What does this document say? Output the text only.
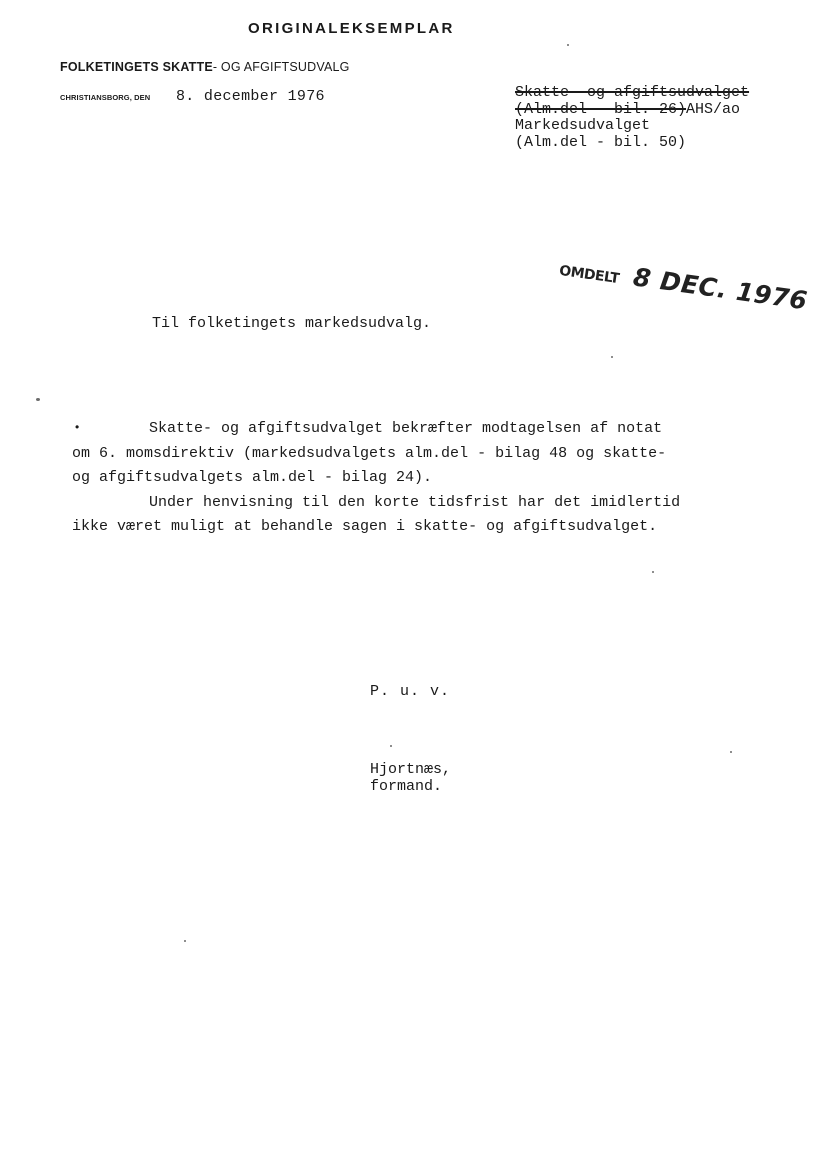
ORIGINALEKSEMPLAR
FOLKETINGETS SKATTE- OG AFGIFTSUDVALG
CHRISTIANSBORG, DEN 8. december 1976	Skatte- og afgiftsudvalget
(Alm.del - bil. 26)AHS/ao
Markedsudvalget
(Alm.del - bil. 50)
OMDELT 8 DEC. 1976
Til folketingets markedsudvalg.
•	Skatte- og afgiftsudvalget bekræfter modtagelsen af notat
om 6. momsdirektiv (markedsudvalgets alm.del - bilag 48 og skatte-
og afgiftsudvalgets alm.del - bilag 24).
Under henvisning til den korte tidsfrist har det imidlertid
ikke været muligt at behandle sagen i skatte- og afgiftsudvalget.
P. u. v.
Hjortnæs,
formand.
